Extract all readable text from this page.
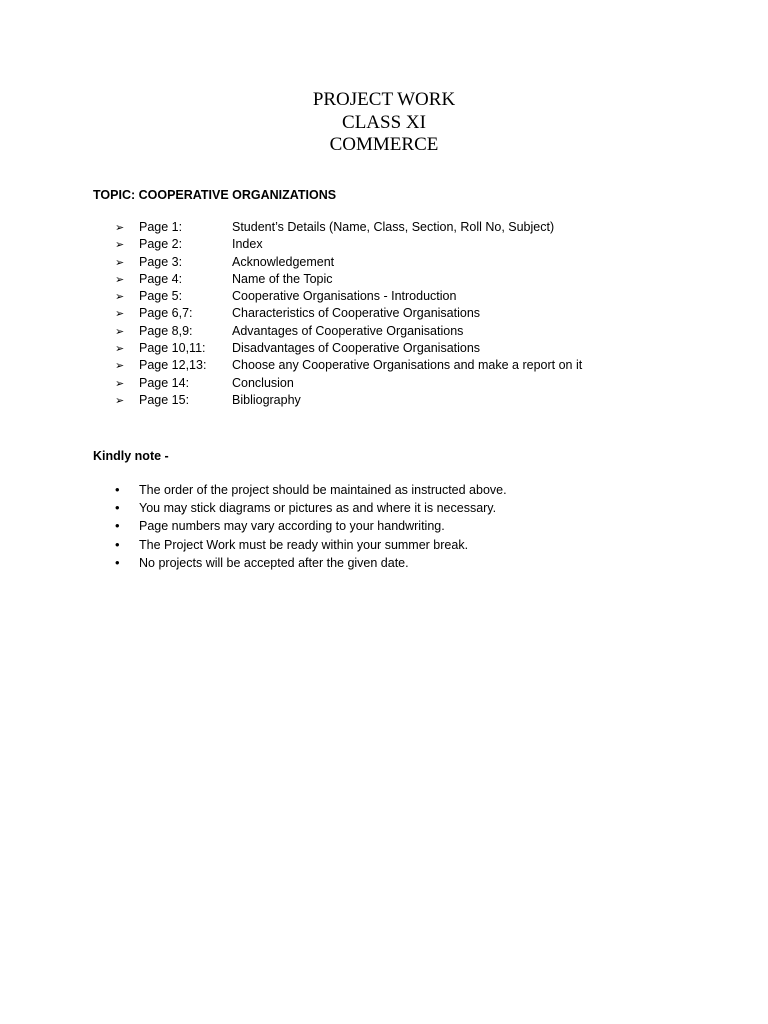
PROJECT WORK
CLASS XI
COMMERCE
TOPIC: COOPERATIVE ORGANIZATIONS
➢	Page 1:	Student’s Details (Name, Class, Section, Roll No, Subject)
➢	Page 2:	Index
➢	Page 3:	Acknowledgement
➢	Page 4:	Name of the Topic
➢	Page 5:	Cooperative Organisations - Introduction
➢	Page 6,7:	Characteristics of Cooperative Organisations
➢	Page 8,9:	Advantages of Cooperative Organisations
➢	Page 10,11:	Disadvantages of Cooperative Organisations
➢	Page 12,13:	Choose any Cooperative Organisations and make a report on it
➢	Page 14:	Conclusion
➢	Page 15:	Bibliography
Kindly note -
•	The order of the project should be maintained as instructed above.
•	You may stick diagrams or pictures as and where it is necessary.
•	Page numbers may vary according to your handwriting.
•	The Project Work must be ready within your summer break.
•	No projects will be accepted after the given date.
